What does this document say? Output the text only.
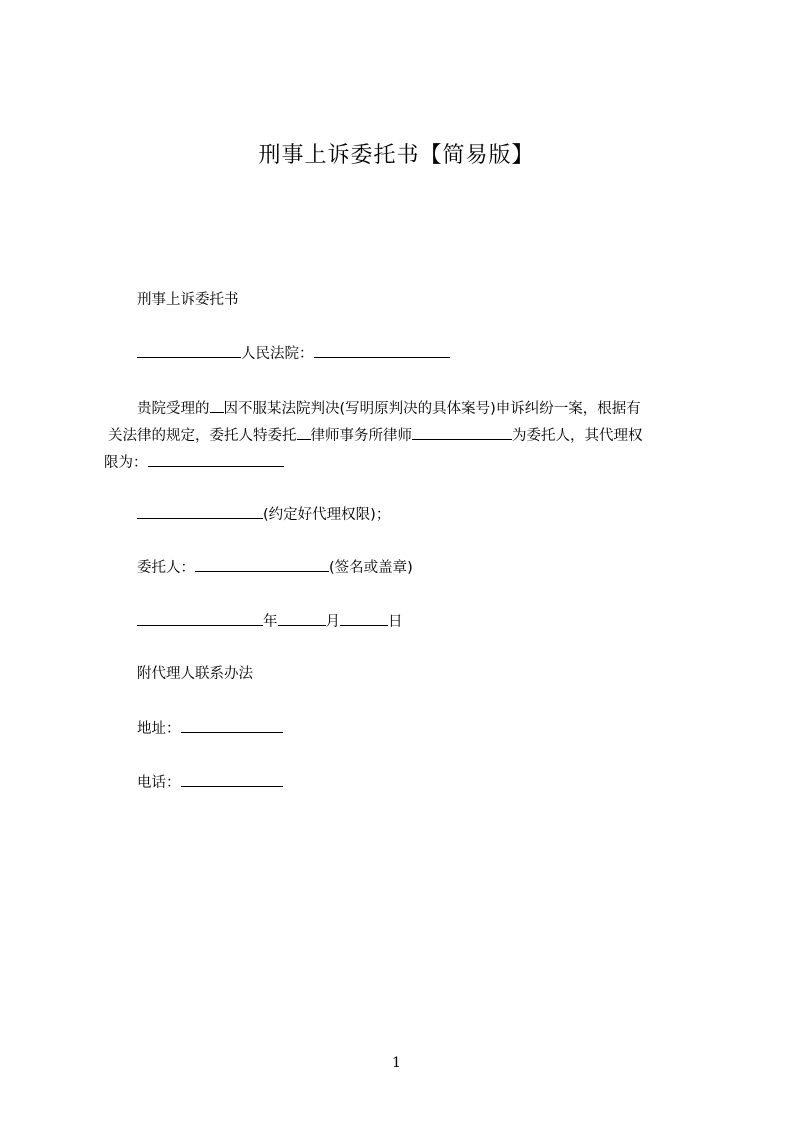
刑事上诉委托书【简易版】
刑事上诉委托书
人民法院：
贵院受理的 因不服某法院判决(写明原判决的具体案号)申诉纠纷一案，根据有
关法律的规定，委托人特委托 律师事务所律师	为委托人，其代理权
限为：
(约定好代理权限)；
委托人：	(签名或盖章)
年	月	日
附代理人联系办法
地址：
电话：
1
